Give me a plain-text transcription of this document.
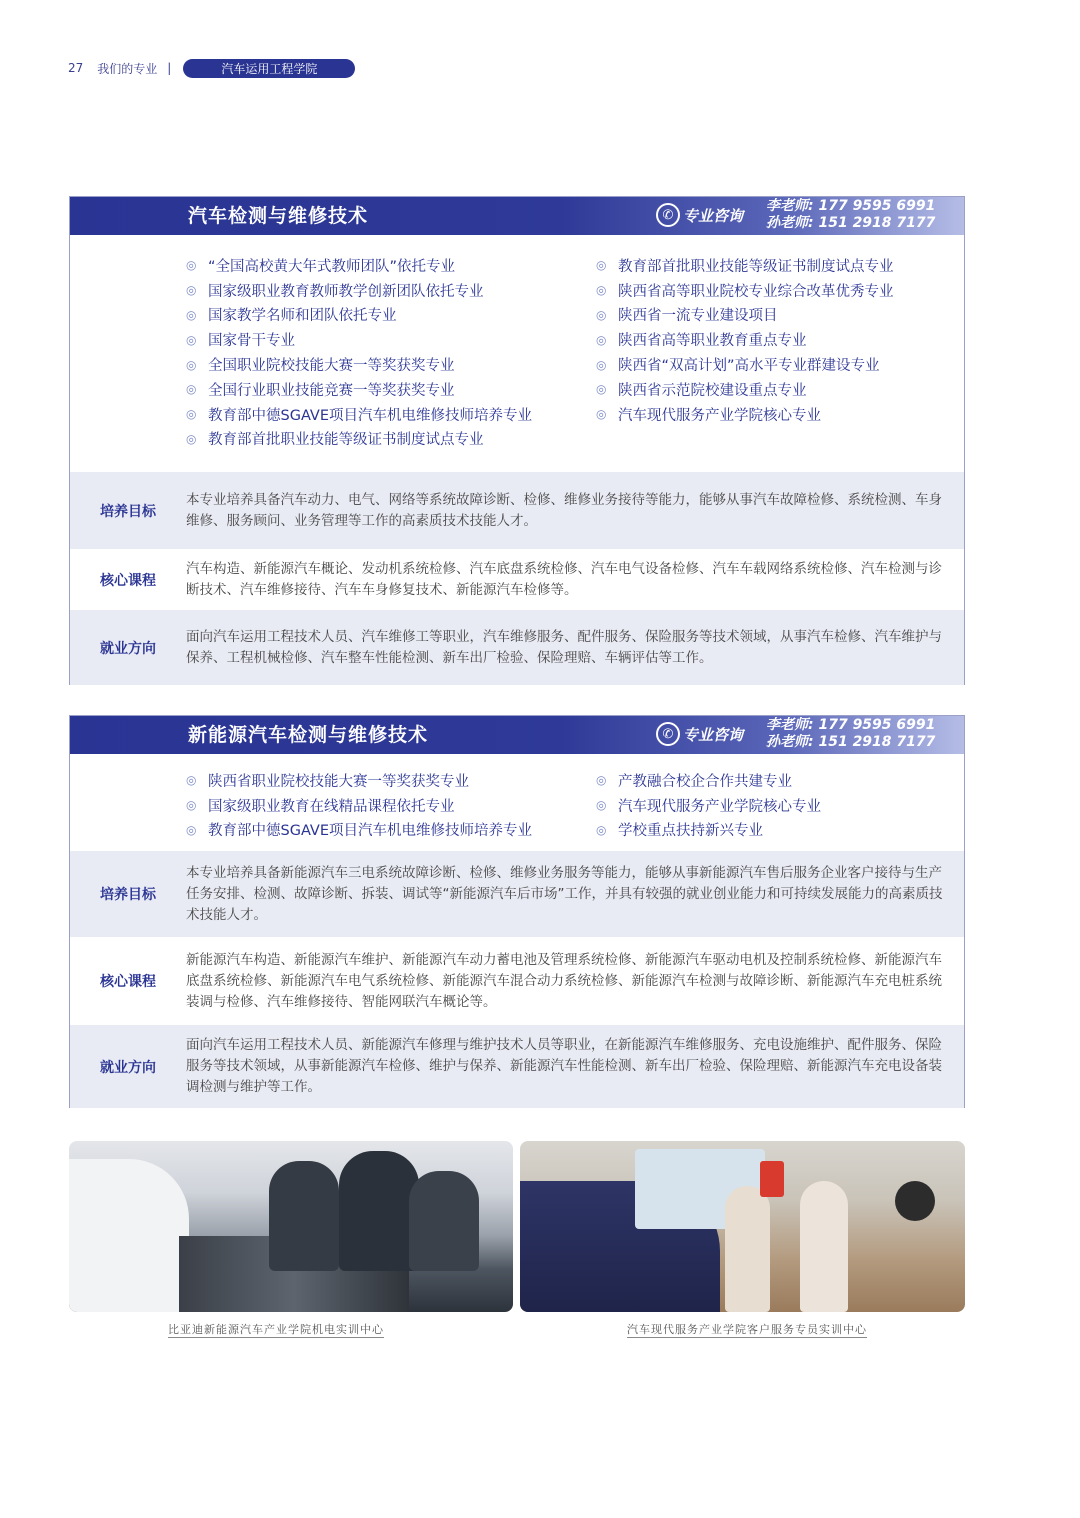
27 我们的专业 |	汽车运用工程学院
汽车检测与维修技术	✆ 专业咨询
李老师: 177 9595 6991
孙老师: 151 2918 7177
◎ “全国高校黄大年式教师团队”依托专业
◎ 国家级职业教育教师教学创新团队依托专业
◎ 国家教学名师和团队依托专业
◎ 国家骨干专业
◎ 全国职业院校技能大赛一等奖获奖专业
◎ 全国行业职业技能竞赛一等奖获奖专业
◎ 教育部中德SGAVE项目汽车机电维修技师培养专业
◎ 教育部首批职业技能等级证书制度试点专业
◎ 教育部首批职业技能等级证书制度试点专业
◎ 陕西省高等职业院校专业综合改革优秀专业
◎ 陕西省一流专业建设项目
◎ 陕西省高等职业教育重点专业
◎ 陕西省“双高计划”高水平专业群建设专业
◎ 陕西省示范院校建设重点专业
◎ 汽车现代服务产业学院核心专业
培养目标
本专业培养具备汽车动力、电气、网络等系统故障诊断、检修、维修业务接待等能力，能够从事汽车故障检修、系统检测、车身维修、服务顾问、业务管理等工作的高素质技术技能人才。
核心课程
汽车构造、新能源汽车概论、发动机系统检修、汽车底盘系统检修、汽车电气设备检修、汽车车载网络系统检修、汽车检测与诊断技术、汽车维修接待、汽车车身修复技术、新能源汽车检修等。
就业方向
面向汽车运用工程技术人员、汽车维修工等职业，汽车维修服务、配件服务、保险服务等技术领域，从事汽车检修、汽车维护与保养、工程机械检修、汽车整车性能检测、新车出厂检验、保险理赔、车辆评估等工作。
新能源汽车检测与维修技术	✆ 专业咨询
李老师: 177 9595 6991
孙老师: 151 2918 7177
◎ 陕西省职业院校技能大赛一等奖获奖专业
◎ 国家级职业教育在线精品课程依托专业
◎ 教育部中德SGAVE项目汽车机电维修技师培养专业
◎ 产教融合校企合作共建专业
◎ 汽车现代服务产业学院核心专业
◎ 学校重点扶持新兴专业
培养目标
本专业培养具备新能源汽车三电系统故障诊断、检修、维修业务服务等能力，能够从事新能源汽车售后服务企业客户接待与生产任务安排、检测、故障诊断、拆装、调试等“新能源汽车后市场”工作，并具有较强的就业创业能力和可持续发展能力的高素质技术技能人才。
核心课程
新能源汽车构造、新能源汽车维护、新能源汽车动力蓄电池及管理系统检修、新能源汽车驱动电机及控制系统检修、新能源汽车底盘系统检修、新能源汽车电气系统检修、新能源汽车混合动力系统检修、新能源汽车检测与故障诊断、新能源汽车充电桩系统装调与检修、汽车维修接待、智能网联汽车概论等。
就业方向
面向汽车运用工程技术人员、新能源汽车修理与维护技术人员等职业，在新能源汽车维修服务、充电设施维护、配件服务、保险服务等技术领域，从事新能源汽车检修、维护与保养、新能源汽车性能检测、新车出厂检验、保险理赔、新能源汽车充电设备装调检测与维护等工作。
比亚迪新能源汽车产业学院机电实训中心	汽车现代服务产业学院客户服务专员实训中心
